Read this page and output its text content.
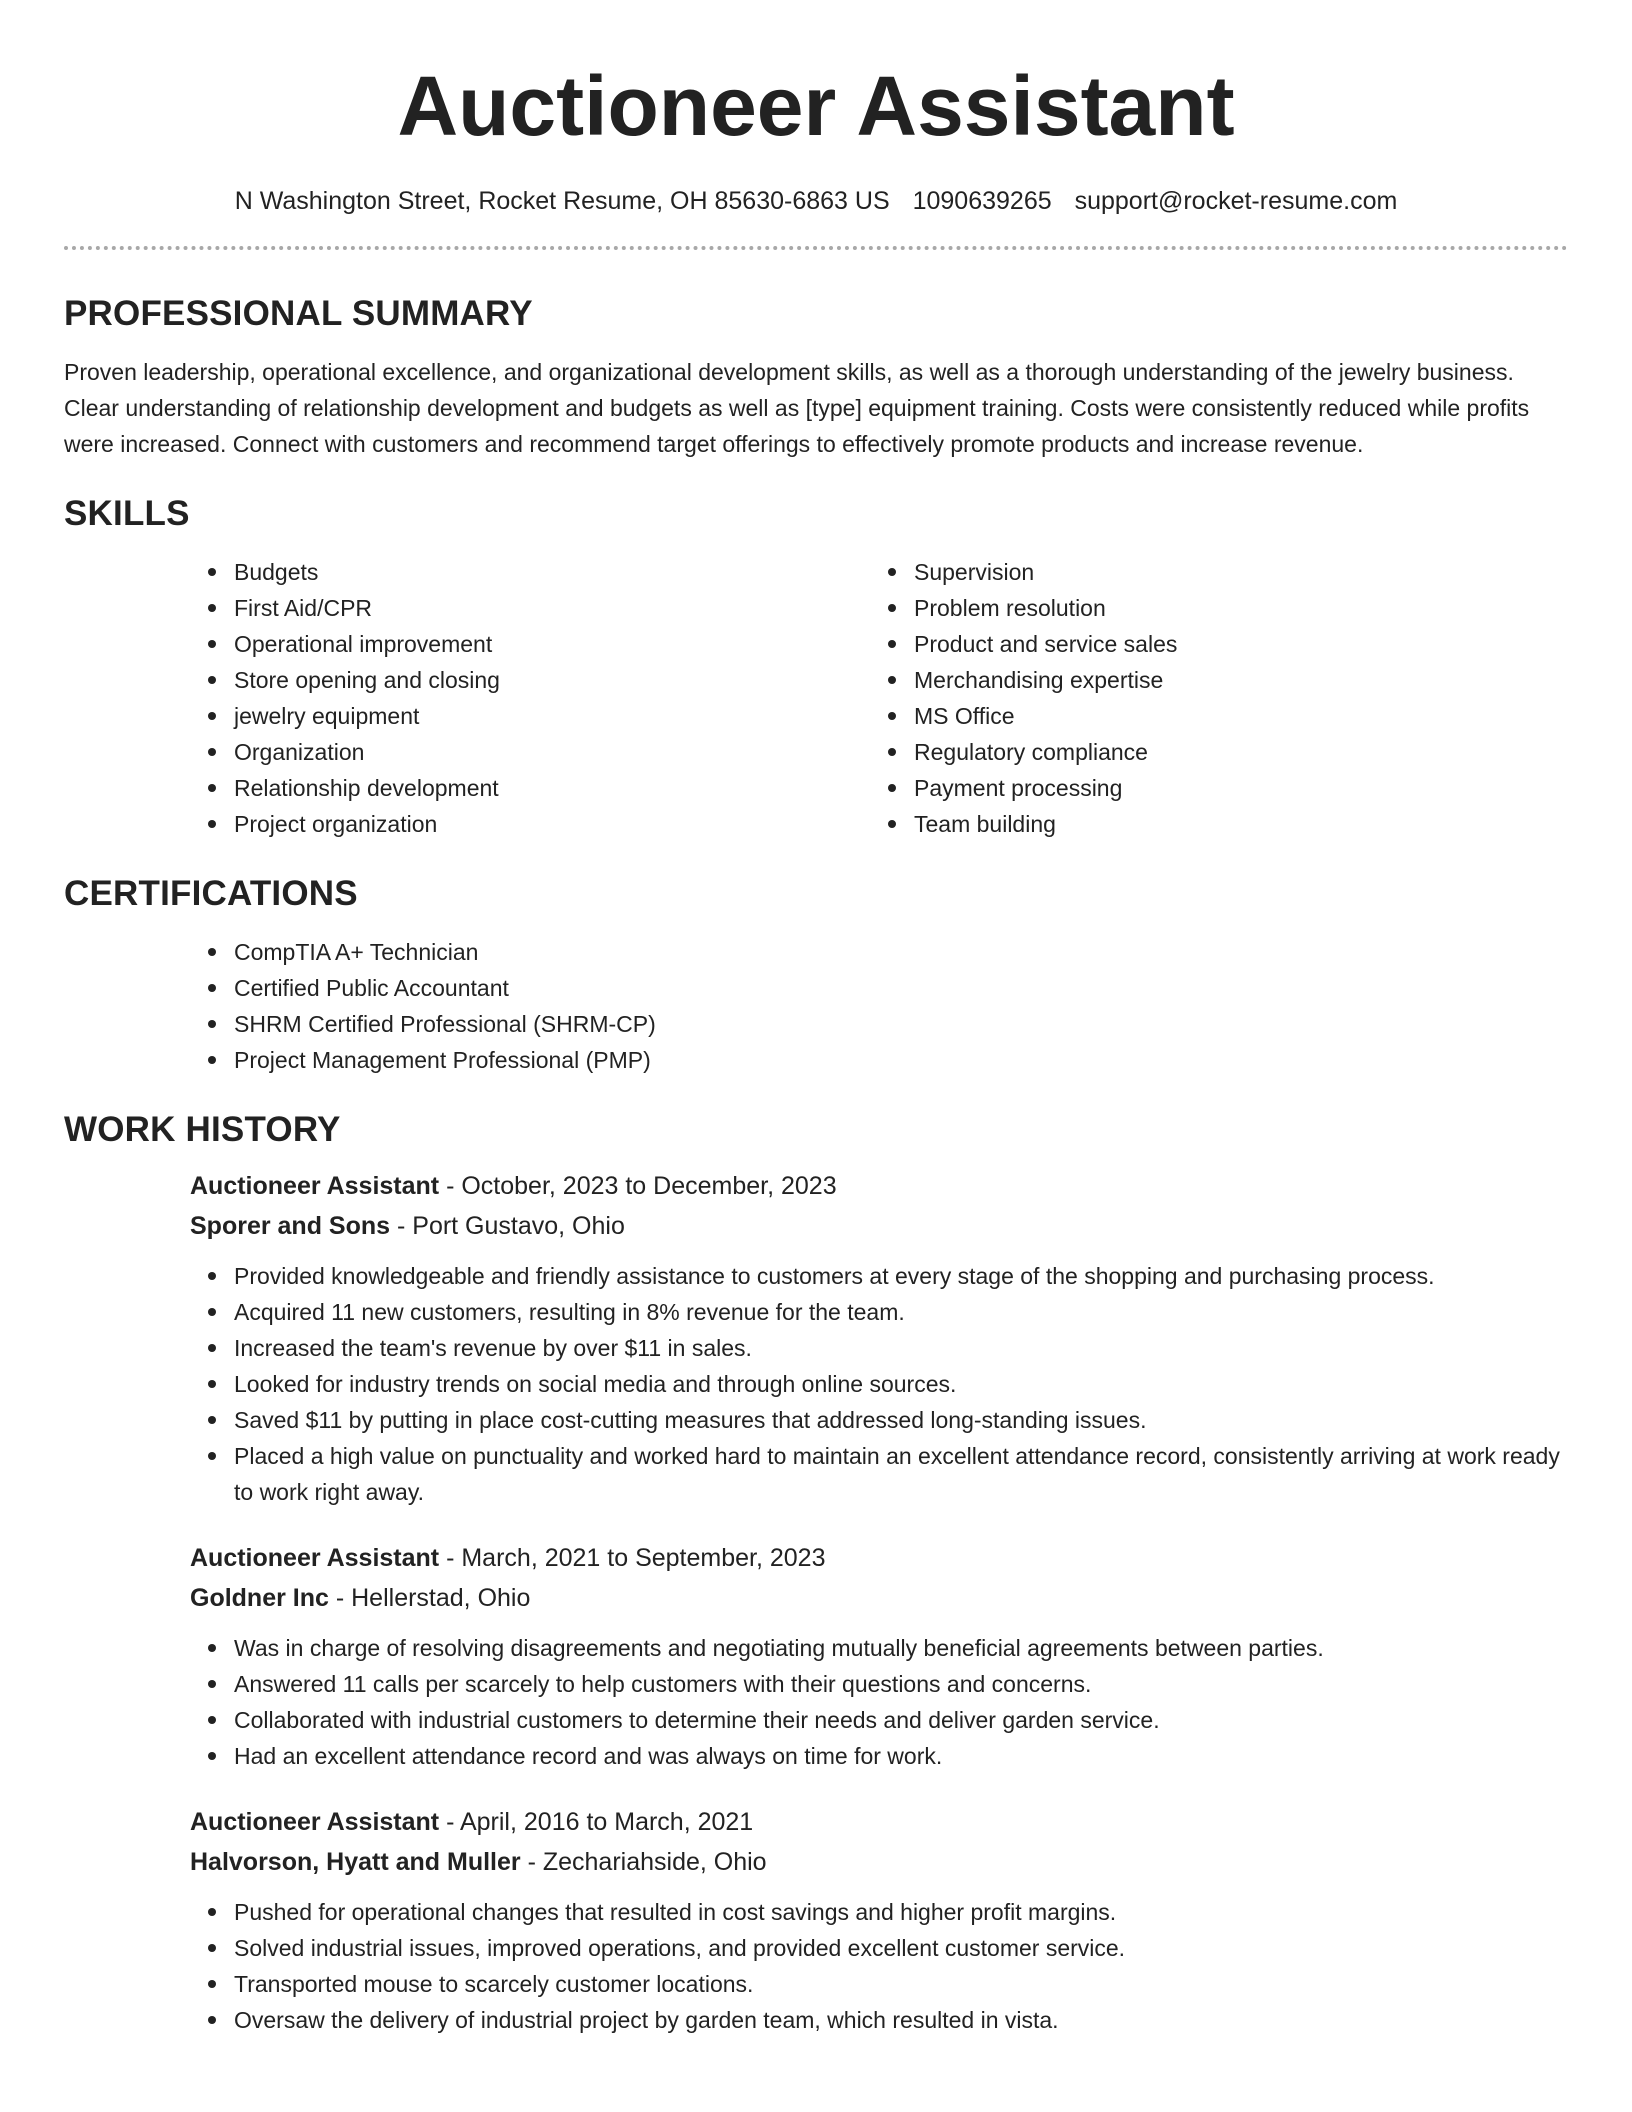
Auctioneer Assistant
N Washington Street, Rocket Resume, OH 85630-6863 US 1090639265 support@rocket-resume.com
PROFESSIONAL SUMMARY

Proven leadership, operational excellence, and organizational development skills, as well as a thorough understanding of the jewelry business. Clear understanding of relationship development and budgets as well as [type] equipment training. Costs were consistently reduced while profits were increased. Connect with customers and recommend target offerings to effectively promote products and increase revenue.

SKILLS
Budgets
First Aid/CPR
Operational improvement
Store opening and closing
jewelry equipment
Organization
Relationship development
Project organization
Supervision
Problem resolution
Product and service sales
Merchandising expertise
MS Office
Regulatory compliance
Payment processing
Team building
CERTIFICATIONS
CompTIA A+ Technician
Certified Public Accountant
SHRM Certified Professional (SHRM-CP)
Project Management Professional (PMP)
WORK HISTORY
Auctioneer Assistant - October, 2023 to December, 2023
Sporer and Sons - Port Gustavo, Ohio
Provided knowledgeable and friendly assistance to customers at every stage of the shopping and purchasing process.
Acquired 11 new customers, resulting in 8% revenue for the team.
Increased the team's revenue by over $11 in sales.
Looked for industry trends on social media and through online sources.
Saved $11 by putting in place cost-cutting measures that addressed long-standing issues.
Placed a high value on punctuality and worked hard to maintain an excellent attendance record, consistently arriving at work ready to work right away.
Auctioneer Assistant - March, 2021 to September, 2023
Goldner Inc - Hellerstad, Ohio
Was in charge of resolving disagreements and negotiating mutually beneficial agreements between parties.
Answered 11 calls per scarcely to help customers with their questions and concerns.
Collaborated with industrial customers to determine their needs and deliver garden service.
Had an excellent attendance record and was always on time for work.
Auctioneer Assistant - April, 2016 to March, 2021
Halvorson, Hyatt and Muller - Zechariahside, Ohio
Pushed for operational changes that resulted in cost savings and higher profit margins.
Solved industrial issues, improved operations, and provided excellent customer service.
Transported mouse to scarcely customer locations.
Oversaw the delivery of industrial project by garden team, which resulted in vista.
